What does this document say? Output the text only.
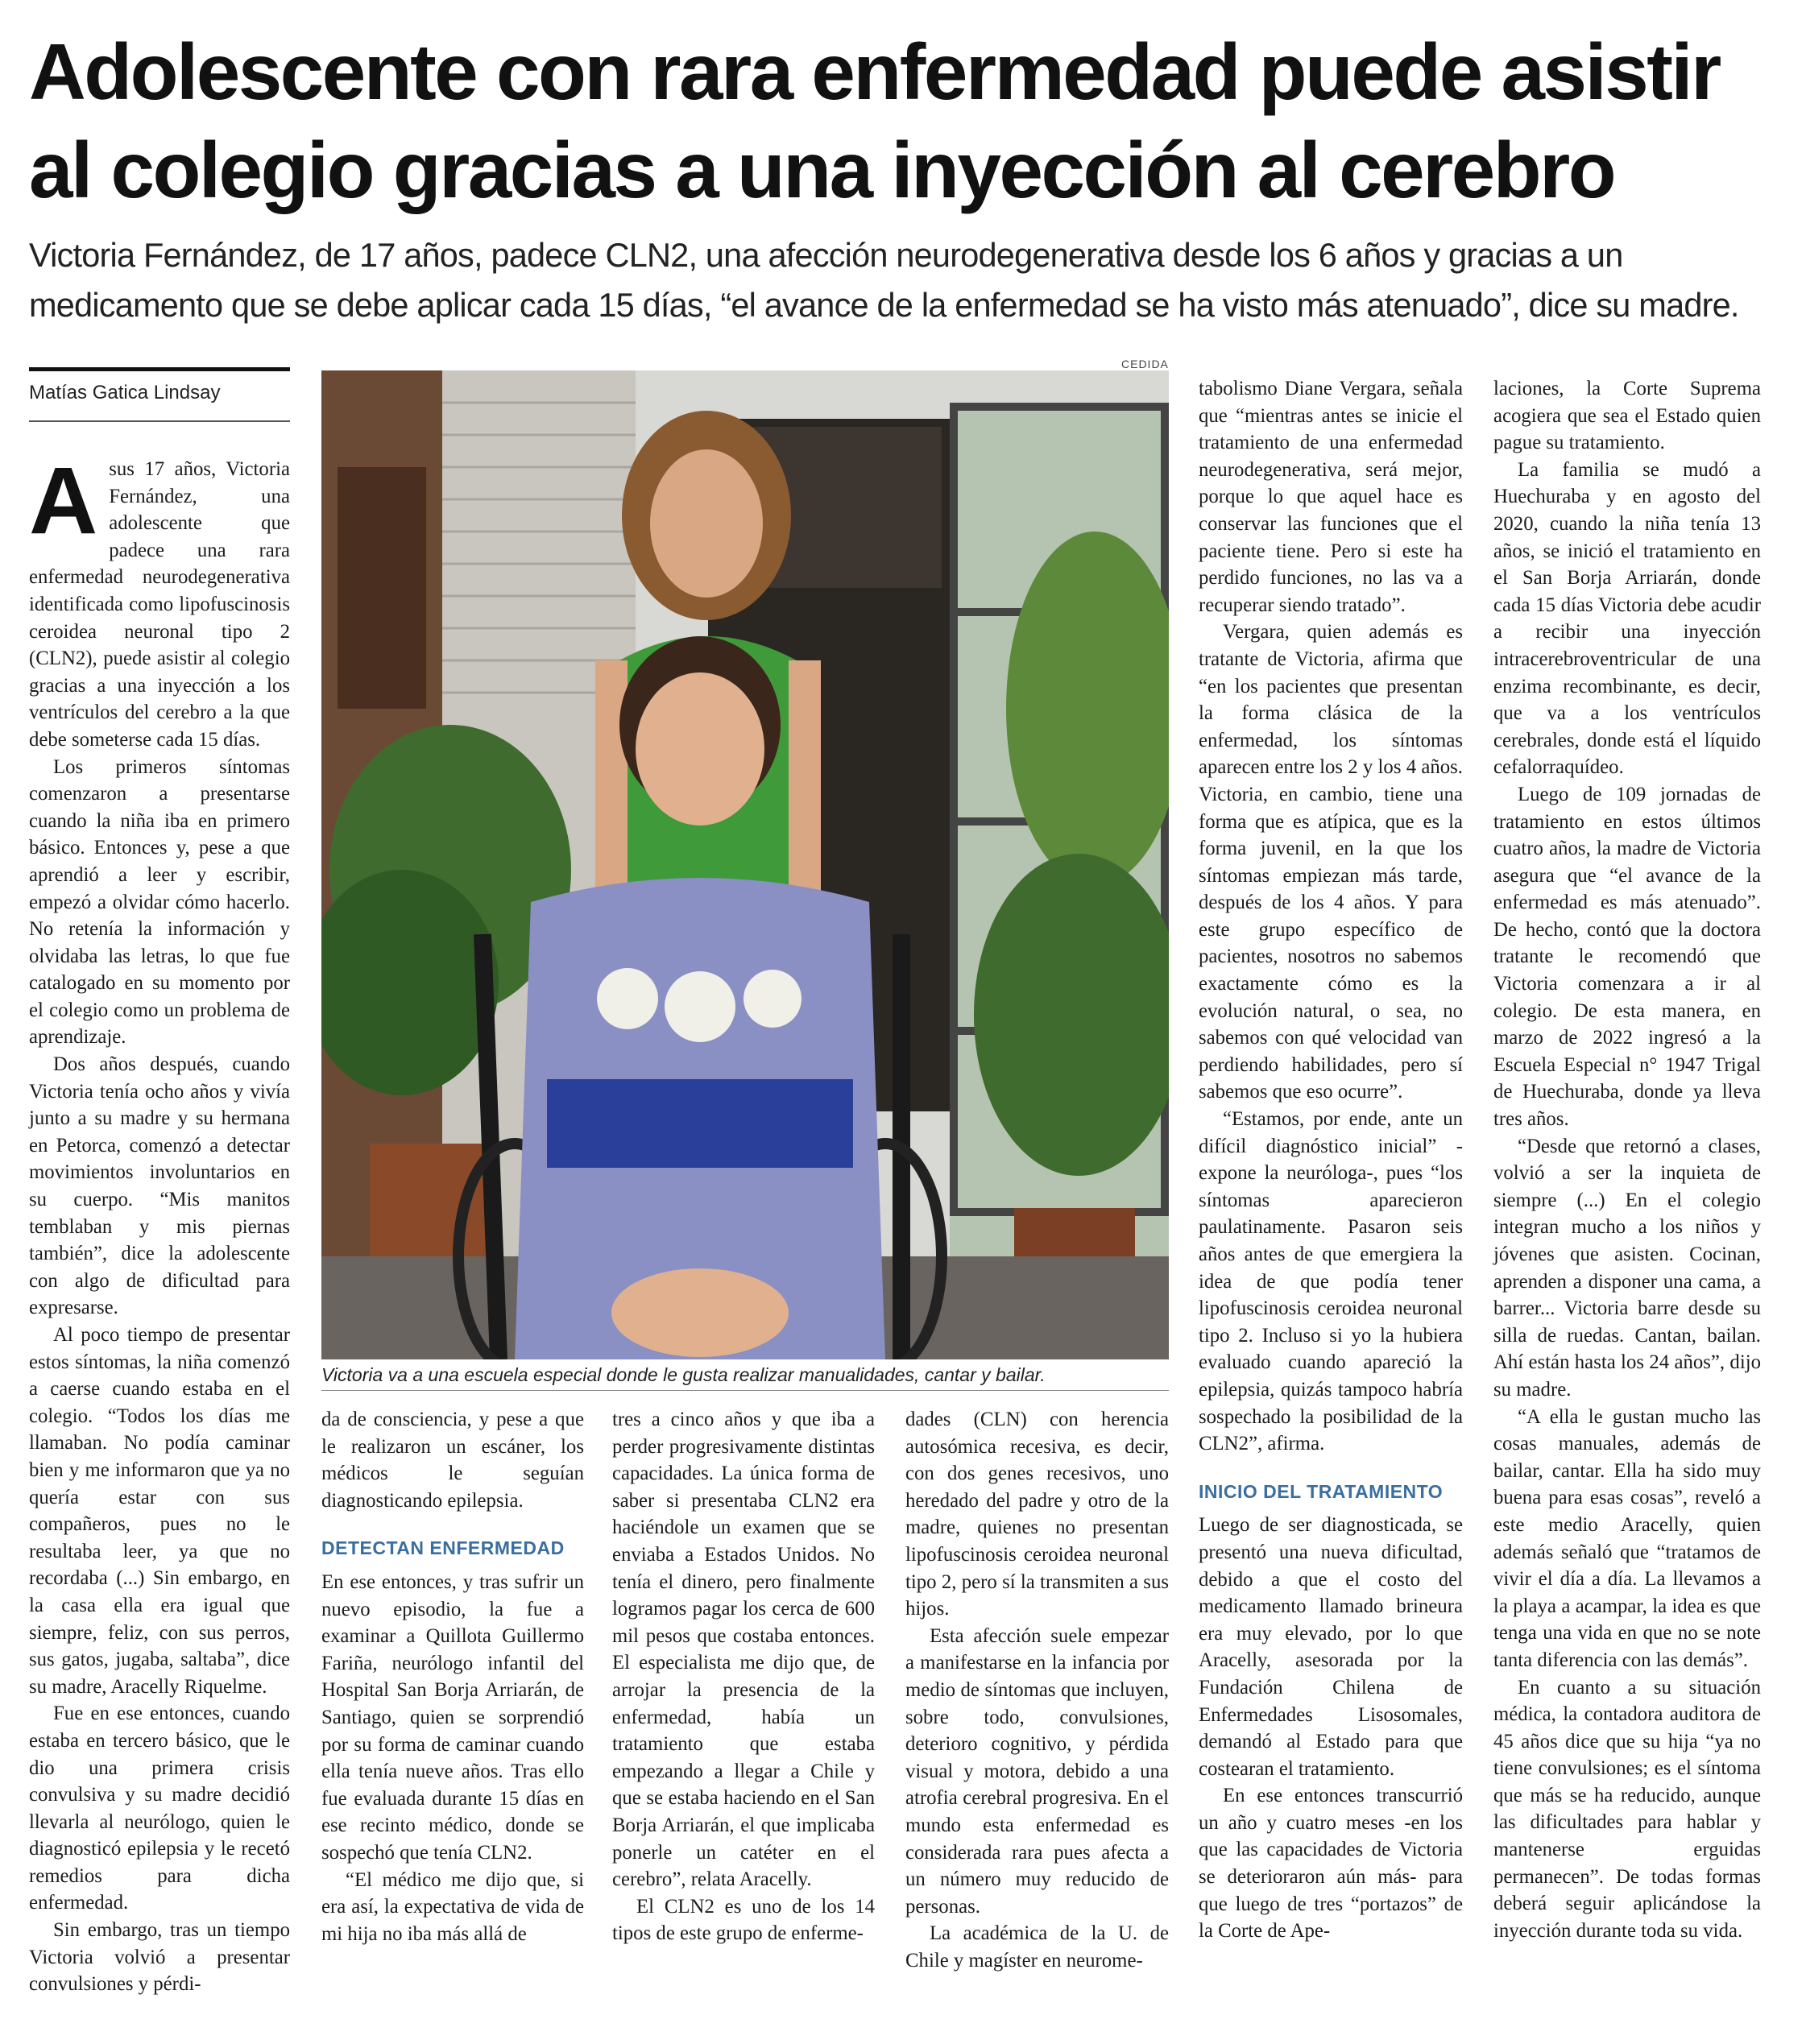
Adolescente con rara enfermedad puede asistir al colegio gracias a una inyección al cerebro

Victoria Fernández, de 17 años, padece CLN2, una afección neurodegenerativa desde los 6 años y gracias a un medicamento que se debe aplicar cada 15 días, “el avance de la enfermedad se ha visto más atenuado”, dice su madre.

Matías Gatica Lindsay

Asus 17 años, Victoria Fernández, una adolescente que padece una rara enfermedad neurodegenerativa identificada como lipofuscinosis ceroidea neuronal tipo 2 (CLN2), puede asistir al colegio gracias a una inyección a los ventrículos del cerebro a la que debe someterse cada 15 días.

Los primeros síntomas comenzaron a presentarse cuando la niña iba en primero básico. Entonces y, pese a que aprendió a leer y escribir, empezó a olvidar cómo hacerlo. No retenía la información y olvidaba las letras, lo que fue catalogado en su momento por el colegio como un problema de aprendizaje.

Dos años después, cuando Victoria tenía ocho años y vivía junto a su madre y su hermana en Petorca, comenzó a detectar movimientos involuntarios en su cuerpo. “Mis manitos temblaban y mis piernas también”, dice la adolescente con algo de dificultad para expresarse.

Al poco tiempo de presentar estos síntomas, la niña comenzó a caerse cuando estaba en el colegio. “Todos los días me llamaban. No podía caminar bien y me informaron que ya no quería estar con sus compañeros, pues no le resultaba leer, ya que no recordaba (...) Sin embargo, en la casa ella era igual que siempre, feliz, con sus perros, sus gatos, jugaba, saltaba”, dice su madre, Aracelly Riquelme.

Fue en ese entonces, cuando estaba en tercero básico, que le dio una primera crisis convulsiva y su madre decidió llevarla al neurólogo, quien le diagnosticó epilepsia y le recetó remedios para dicha enfermedad.

Sin embargo, tras un tiempo Victoria volvió a presentar convulsiones y pérdi-

CEDIDA

Victoria va a una escuela especial donde le gusta realizar manualidades, cantar y bailar.

da de consciencia, y pese a que le realizaron un escáner, los médicos le seguían diagnosticando epilepsia.

DETECTAN ENFERMEDAD

En ese entonces, y tras sufrir un nuevo episodio, la fue a examinar a Quillota Guillermo Fariña, neurólogo infantil del Hospital San Borja Arriarán, de Santiago, quien se sorprendió por su forma de caminar cuando ella tenía nueve años. Tras ello fue evaluada durante 15 días en ese recinto médico, donde se sospechó que tenía CLN2.

“El médico me dijo que, si era así, la expectativa de vida de mi hija no iba más allá de

tres a cinco años y que iba a perder progresivamente distintas capacidades. La única forma de saber si presentaba CLN2 era haciéndole un examen que se enviaba a Estados Unidos. No tenía el dinero, pero finalmente logramos pagar los cerca de 600 mil pesos que costaba entonces. El especialista me dijo que, de arrojar la presencia de la enfermedad, había un tratamiento que estaba empezando a llegar a Chile y que se estaba haciendo en el San Borja Arriarán, el que implicaba ponerle un catéter en el cerebro”, relata Aracelly.

El CLN2 es uno de los 14 tipos de este grupo de enferme-

dades (CLN) con herencia autosómica recesiva, es decir, con dos genes recesivos, uno heredado del padre y otro de la madre, quienes no presentan lipofuscinosis ceroidea neuronal tipo 2, pero sí la transmiten a sus hijos.

Esta afección suele empezar a manifestarse en la infancia por medio de síntomas que incluyen, sobre todo, convulsiones, deterioro cognitivo, y pérdida visual y motora, debido a una atrofia cerebral progresiva. En el mundo esta enfermedad es considerada rara pues afecta a un número muy reducido de personas.

La académica de la U. de Chile y magíster en neurome-

tabolismo Diane Vergara, señala que “mientras antes se inicie el tratamiento de una enfermedad neurodegenerativa, será mejor, porque lo que aquel hace es conservar las funciones que el paciente tiene. Pero si este ha perdido funciones, no las va a recuperar siendo tratado”.

Vergara, quien además es tratante de Victoria, afirma que “en los pacientes que presentan la forma clásica de la enfermedad, los síntomas aparecen entre los 2 y los 4 años. Victoria, en cambio, tiene una forma que es atípica, que es la forma juvenil, en la que los síntomas empiezan más tarde, después de los 4 años. Y para este grupo específico de pacientes, nosotros no sabemos exactamente cómo es la evolución natural, o sea, no sabemos con qué velocidad van perdiendo habilidades, pero sí sabemos que eso ocurre”.

“Estamos, por ende, ante un difícil diagnóstico inicial” -expone la neuróloga-, pues “los síntomas aparecieron paulatinamente. Pasaron seis años antes de que emergiera la idea de que podía tener lipofuscinosis ceroidea neuronal tipo 2. Incluso si yo la hubiera evaluado cuando apareció la epilepsia, quizás tampoco habría sospechado la posibilidad de la CLN2”, afirma.

INICIO DEL TRATAMIENTO

Luego de ser diagnosticada, se presentó una nueva dificultad, debido a que el costo del medicamento llamado brineura era muy elevado, por lo que Aracelly, asesorada por la Fundación Chilena de Enfermedades Lisosomales, demandó al Estado para que costearan el tratamiento.

En ese entonces transcurrió un año y cuatro meses -en los que las capacidades de Victoria se deterioraron aún más- para que luego de tres “portazos” de la Corte de Ape-

laciones, la Corte Suprema acogiera que sea el Estado quien pague su tratamiento.

La familia se mudó a Huechuraba y en agosto del 2020, cuando la niña tenía 13 años, se inició el tratamiento en el San Borja Arriarán, donde cada 15 días Victoria debe acudir a recibir una inyección intracerebroventricular de una enzima recombinante, es decir, que va a los ventrículos cerebrales, donde está el líquido cefalorraquídeo.

Luego de 109 jornadas de tratamiento en estos últimos cuatro años, la madre de Victoria asegura que “el avance de la enfermedad es más atenuado”. De hecho, contó que la doctora tratante le recomendó que Victoria comenzara a ir al colegio. De esta manera, en marzo de 2022 ingresó a la Escuela Especial n° 1947 Trigal de Huechuraba, donde ya lleva tres años.

“Desde que retornó a clases, volvió a ser la inquieta de siempre (...) En el colegio integran mucho a los niños y jóvenes que asisten. Cocinan, aprenden a disponer una cama, a barrer... Victoria barre desde su silla de ruedas. Cantan, bailan. Ahí están hasta los 24 años”, dijo su madre.

“A ella le gustan mucho las cosas manuales, además de bailar, cantar. Ella ha sido muy buena para esas cosas”, reveló a este medio Aracelly, quien además señaló que “tratamos de vivir el día a día. La llevamos a la playa a acampar, la idea es que tenga una vida en que no se note tanta diferencia con las demás”.

En cuanto a su situación médica, la contadora auditora de 45 años dice que su hija “ya no tiene convulsiones; es el síntoma que más se ha reducido, aunque las dificultades para hablar y mantenerse erguidas permanecen”. De todas formas deberá seguir aplicándose la inyección durante toda su vida.
